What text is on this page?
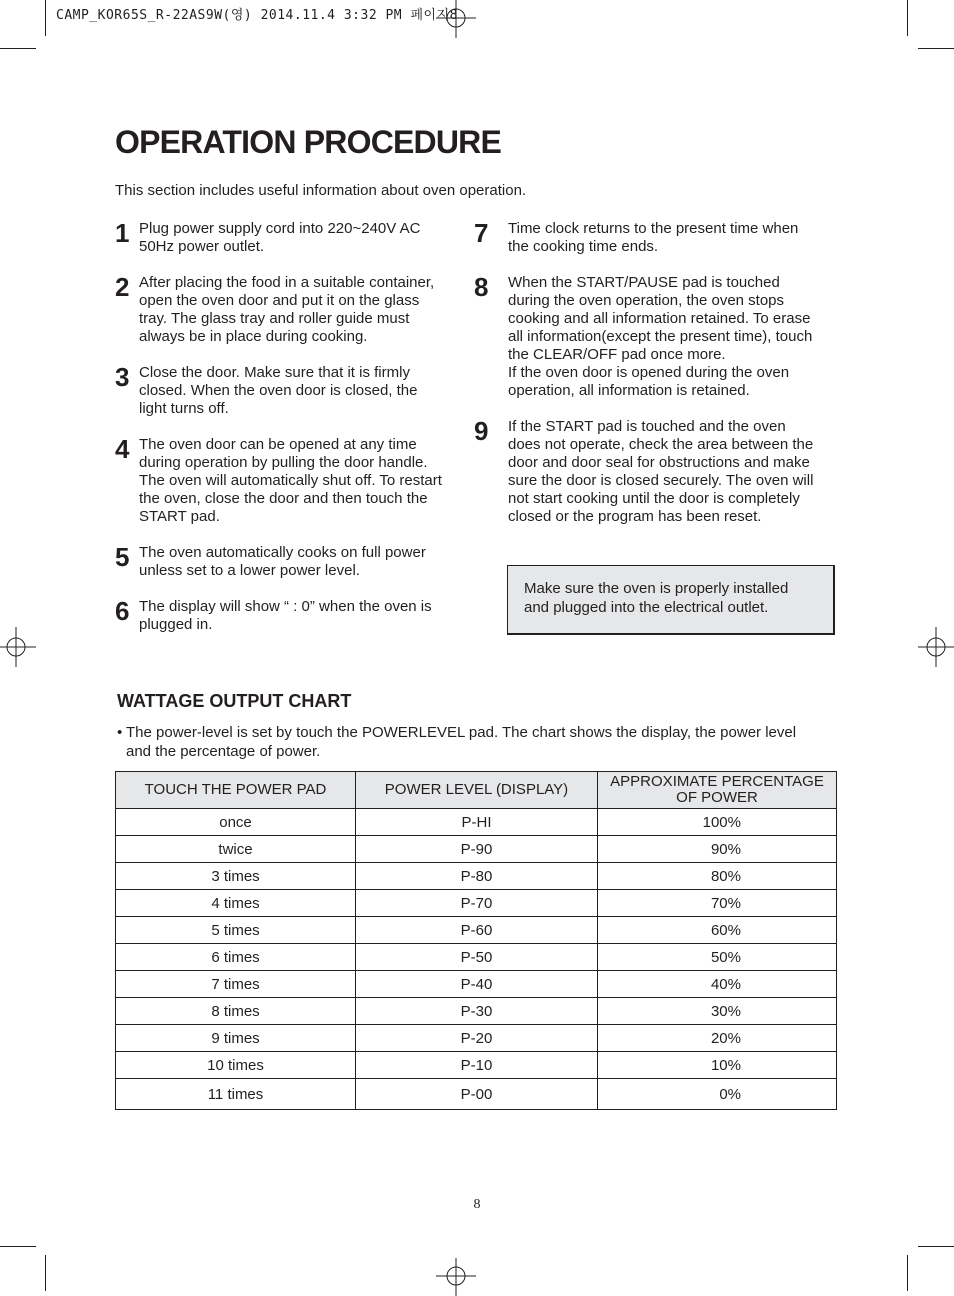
CAMP_KOR65S_R-22AS9W(영) 2014.11.4 3:32 PM 페이지8
OPERATION PROCEDURE

This section includes useful information about oven operation.

1 Plug power supply cord into 220~240V AC
50Hz power outlet.
2 After placing the food in a suitable container,
open the oven door and put it on the glass
tray. The glass tray and roller guide must
always be in place during cooking.
3 Close the door. Make sure that it is firmly
closed. When the oven door is closed, the
light turns off.
4 The oven door can be opened at any time
during operation by pulling the door handle.
The oven will automatically shut off. To restart
the oven, close the door and then touch the
START pad.
5 The oven automatically cooks on full power
unless set to a lower power level.
6 The display will show “ : 0” when the oven is
plugged in.
7 Time clock returns to the present time when
the cooking time ends.
8 When the START/PAUSE pad is touched
during the oven operation, the oven stops
cooking and all information retained. To erase
all information(except the present time), touch
the CLEAR/OFF pad once more.
If the oven door is opened during the oven
operation, all information is retained.
9 If the START pad is touched and the oven
does not operate, check the area between the
door and door seal for obstructions and make
sure the door is closed securely. The oven will
not start cooking until the door is completely
closed or the program has been reset.
Make sure the oven is properly installed
and plugged into the electrical outlet.
WATTAGE OUTPUT CHART
• The power-level is set by touch the POWERLEVEL pad. The chart shows the display, the power level
and the percentage of power.
TOUCH THE POWER PAD	POWER LEVEL (DISPLAY)	APPROXIMATE PERCENTAGE
OF POWER
once	P-HI	100%
twice	P-90	90%
3 times	P-80	80%
4 times	P-70	70%
5 times	P-60	60%
6 times	P-50	50%
7 times	P-40	40%
8 times	P-30	30%
9 times	P-20	20%
10 times	P-10	10%
11 times	P-00	0%
8
